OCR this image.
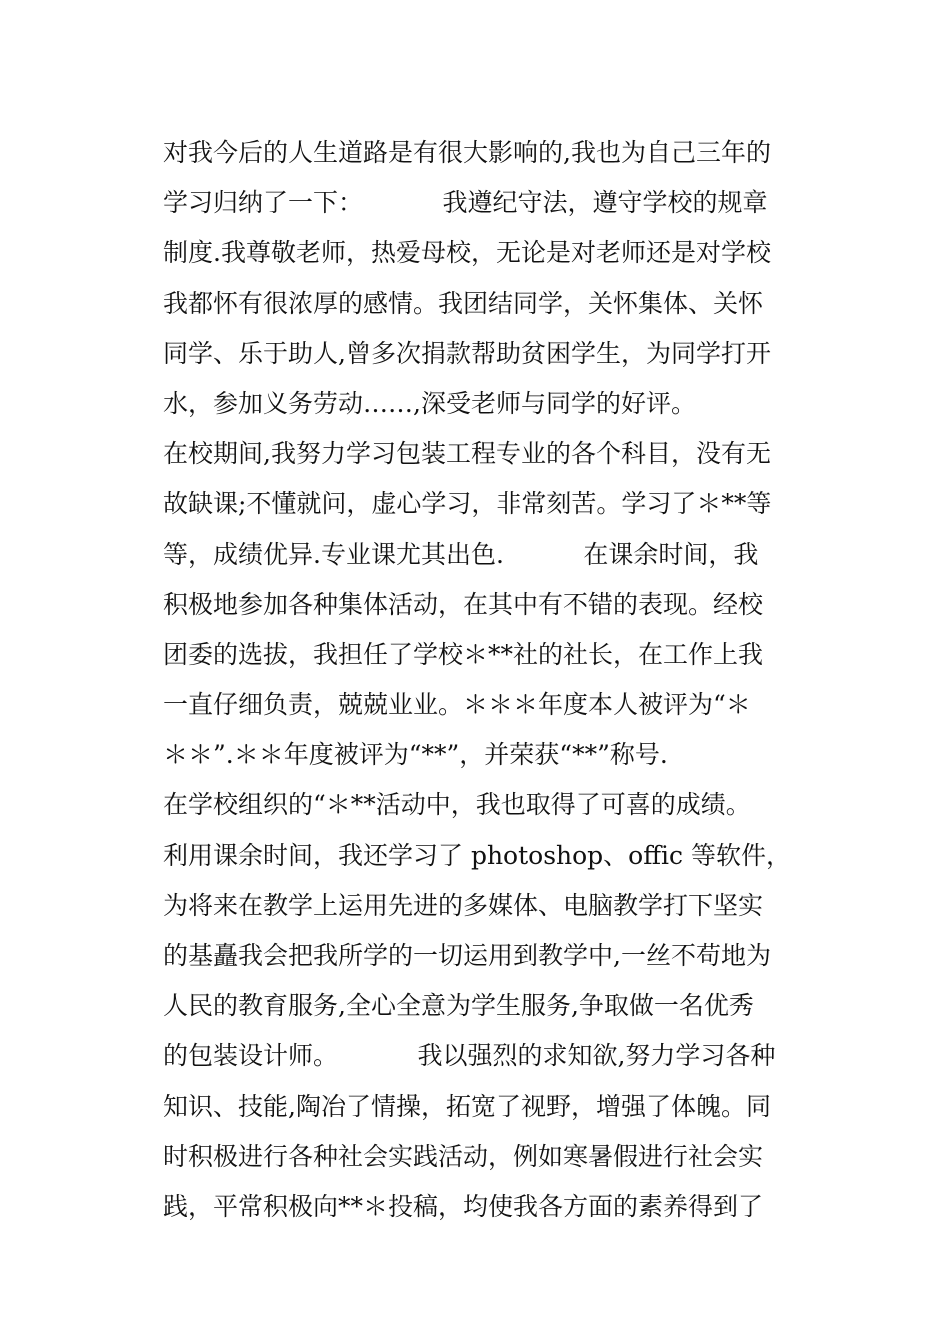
对我今后的人生道路是有很大影响的,我也为自己三年的
学习归纳了一下：          我遵纪守法，遵守学校的规章
制度.我尊敬老师，热爱母校，无论是对老师还是对学校
我都怀有很浓厚的感情。我团结同学，关怀集体、关怀
同学、乐于助人,曾多次捐款帮助贫困学生，为同学打开
水，参加义务劳动……,深受老师与同学的好评。
在校期间,我努力学习包装工程专业的各个科目，没有无
故缺课;不懂就问，虚心学习，非常刻苦。学习了＊**等
等，成绩优异.专业课尤其出色.          在课余时间，我
积极地参加各种集体活动，在其中有不错的表现。经校
团委的选拔，我担任了学校＊**社的社长，在工作上我
一直仔细负责，兢兢业业。＊＊＊年度本人被评为“＊
＊＊”.＊＊年度被评为“**”，并荣获“**”称号.
在学校组织的“＊**活动中，我也取得了可喜的成绩。
利用课余时间，我还学习了 photoshop、offic 等软件，
为将来在教学上运用先进的多媒体、电脑教学打下坚实
的基矗我会把我所学的一切运用到教学中,一丝不苟地为
人民的教育服务,全心全意为学生服务,争取做一名优秀
的包装设计师。          我以强烈的求知欲,努力学习各种
知识、技能,陶冶了情操，拓宽了视野，增强了体魄。同
时积极进行各种社会实践活动，例如寒暑假进行社会实
践，平常积极向**＊投稿，均使我各方面的素养得到了
